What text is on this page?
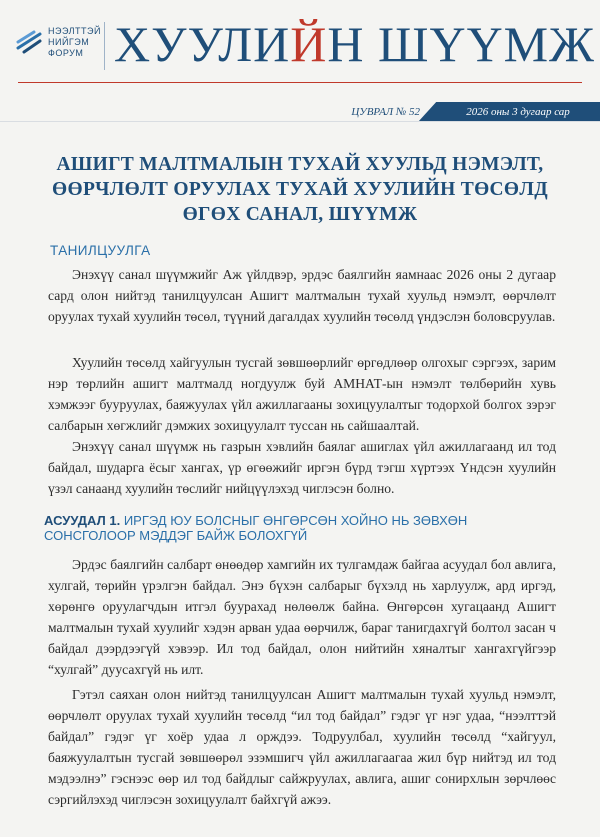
НЭЭЛТТЭЙ
НИЙГЭМ
ФОРУМ ХУУЛИЙН ШҮҮМЖ
ЦУВРАЛ № 52	2026 оны 3 дугаар сар
АШИГТ МАЛТМАЛЫН ТУХАЙ ХУУЛЬД НЭМЭЛТ,
ӨӨРЧЛӨЛТ ОРУУЛАХ ТУХАЙ ХУУЛИЙН ТӨСӨЛД
ӨГӨХ САНАЛ, ШҮҮМЖ
ТАНИЛЦУУЛГА
Энэхүү санал шүүмжийг Аж үйлдвэр, эрдэс баялгийн яамнаас 2026 оны 2 дугаар сард олон нийтэд танилцуулсан Ашигт малтмалын тухай хуульд нэмэлт, өөрчлөлт оруулах тухай хуулийн төсөл, түүний дагалдах хуулийн төсөлд үндэслэн боловсруулав.
Хуулийн төсөлд хайгуулын тусгай зөвшөөрлийг өргөдлөөр олгохыг сэргээх, зарим нэр төрлийн ашигт малтмалд ногдуулж буй АМНАТ-ын нэмэлт төлбөрийн хувь хэмжээг бууруулах, баяжуулах үйл ажиллагааны зохицуулалтыг тодорхой болгох зэрэг салбарын хөгжлийг дэмжих зохицуулалт туссан нь сайшаалтай.
Энэхүү санал шүүмж нь газрын хэвлийн баялаг ашиглах үйл ажиллагаанд ил тод байдал, шударга ёсыг хангах, үр өгөөжийг иргэн бүрд тэгш хүртээх Үндсэн хуулийн үзэл санаанд хуулийн төслийг нийцүүлэхэд чиглэсэн болно.
АСУУДАЛ 1. ИРГЭД ЮУ БОЛСНЫГ ӨНГӨРСӨН ХОЙНО НЬ ЗӨВХӨН
СОНСГОЛООР МЭДДЭГ БАЙЖ БОЛОХГҮЙ
Эрдэс баялгийн салбарт өнөөдөр хамгийн их тулгамдаж байгаа асуудал бол авлига, хулгай, төрийн үрэлгэн байдал. Энэ бүхэн салбарыг бүхэлд нь харлуулж, ард иргэд, хөрөнгө оруулагчдын итгэл буурахад нөлөөлж байна. Өнгөрсөн хугацаанд Ашигт малтмалын тухай хуулийг хэдэн арван удаа өөрчилж, бараг танигдахгүй болтол засан ч байдал дээрдээгүй хэвээр. Ил тод байдал, олон нийтийн хяналтыг хангахгүйгээр “хулгай” дуусахгүй нь илт.
Гэтэл саяхан олон нийтэд танилцуулсан Ашигт малтмалын тухай хуульд нэмэлт, өөрчлөлт оруулах тухай хуулийн төсөлд “ил тод байдал” гэдэг үг нэг удаа, “нээлттэй байдал” гэдэг үг хоёр удаа л орждээ. Тодруулбал, хуулийн төсөлд “хайгуул, баяжуулалтын тусгай зөвшөөрөл эзэмшигч үйл ажиллагаагаа жил бүр нийтэд ил тод мэдээлнэ” гэснээс өөр ил тод байдлыг сайжруулах, авлига, ашиг сонирхлын зөрчлөөс сэргийлэхэд чиглэсэн зохицуулалт байхгүй ажээ.
